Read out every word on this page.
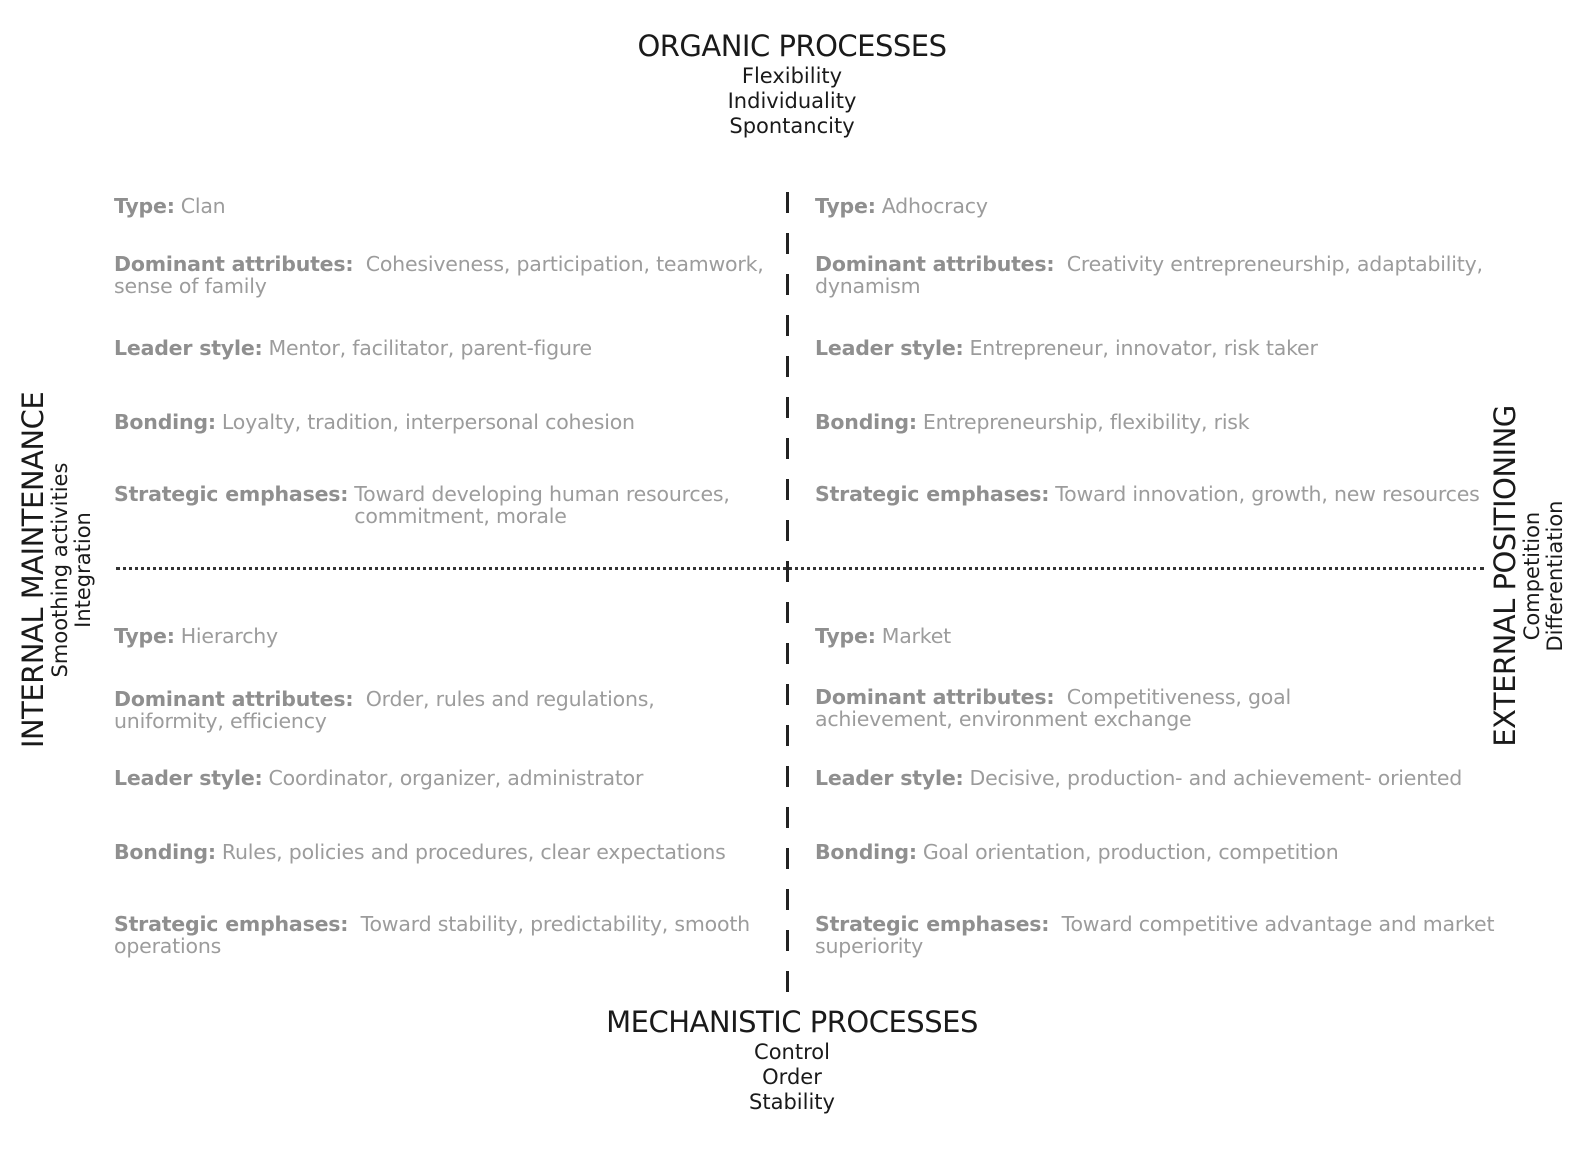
ORGANIC PROCESSES
Flexibility
Individuality
Spontancity
MECHANISTIC PROCESSES
Control
Order
Stability
INTERNAL MAINTENANCE
Smoothing activities Integration	EXTERNAL POSITIONING
Competition Differentiation
Type: Clan
Dominant attributes: Cohesiveness, participation, teamwork, sense of family
Leader style: Mentor, facilitator, parent-figure
Bonding: Loyalty, tradition, interpersonal cohesion
Strategic emphases: Toward developing human resources, commitment, morale
Type: Adhocracy
Dominant attributes: Creativity entrepreneurship, adaptability, dynamism
Leader style: Entrepreneur, innovator, risk taker
Bonding: Entrepreneurship, flexibility, risk
Strategic emphases: Toward innovation, growth, new resources
Type: Hierarchy
Dominant attributes: Order, rules and regulations, uniformity, efficiency
Leader style: Coordinator, organizer, administrator
Bonding: Rules, policies and procedures, clear expectations
Strategic emphases: Toward stability, predictability, smooth operations
Type: Market
Dominant attributes: Competitiveness, goal achievement, environment exchange
Leader style: Decisive, production- and achievement- oriented
Bonding: Goal orientation, production, competition
Strategic emphases: Toward competitive advantage and market superiority
